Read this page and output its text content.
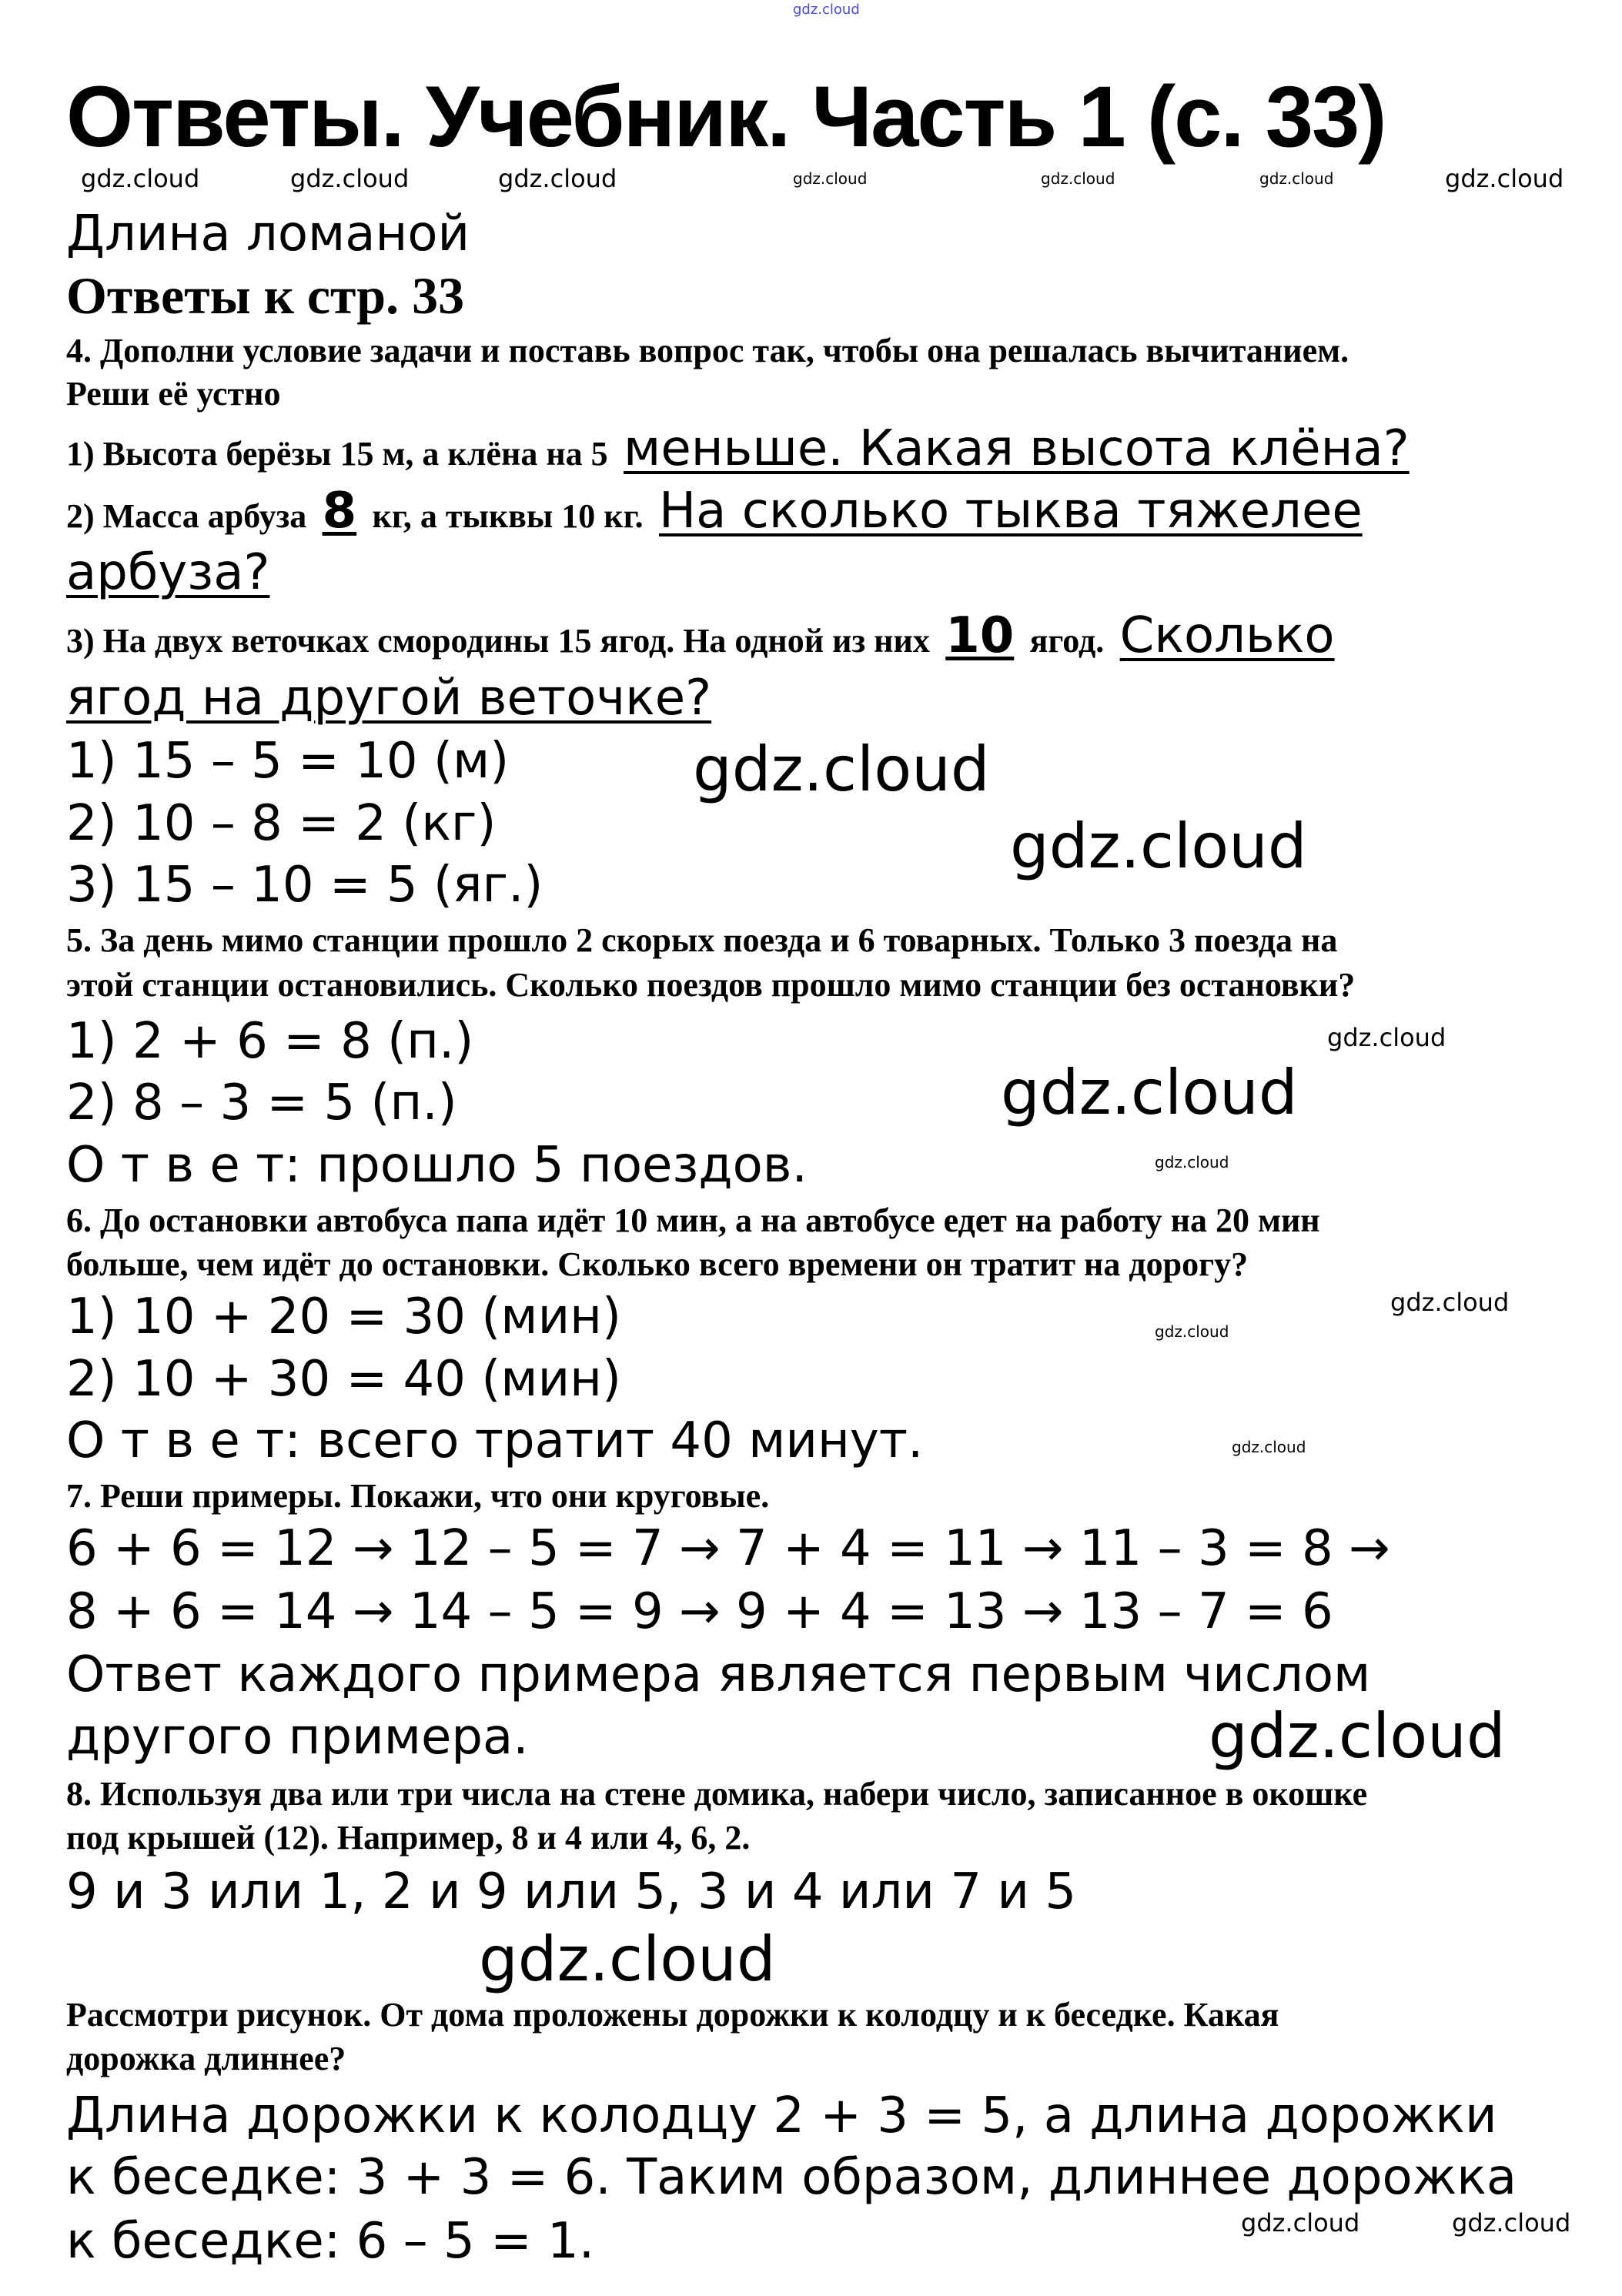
gdz.cloud
Ответы. Учебник. Часть 1 (с. 33)
Длина ломаной
Ответы к стр. 33
4. Дополни условие задачи и поставь вопрос так, чтобы она решалась вычитанием.
Реши её устно
1) Высота берёзы 15 м, а клёна на 5 меньше. Какая высота клёна?
2) Масса арбуза 8 кг, а тыквы 10 кг. На сколько тыква тяжелее
арбуза?
3) На двух веточках смородины 15 ягод. На одной из них 10 ягод. Сколько
ягод на другой веточке?
1) 15 – 5 = 10 (м)
2) 10 – 8 = 2 (кг)
3) 15 – 10 = 5 (яг.)
5. За день мимо станции прошло 2 скорых поезда и 6 товарных. Только 3 поезда на
этой станции остановились. Сколько поездов прошло мимо станции без остановки?
1) 2 + 6 = 8 (п.)
2) 8 – 3 = 5 (п.)
О т в е т: прошло 5 поездов.
6. До остановки автобуса папа идёт 10 мин, а на автобусе едет на работу на 20 мин
больше, чем идёт до остановки. Сколько всего времени он тратит на дорогу?
1) 10 + 20 = 30 (мин)
2) 10 + 30 = 40 (мин)
О т в е т: всего тратит 40 минут.
7. Реши примеры. Покажи, что они круговые.
6 + 6 = 12 → 12 – 5 = 7 → 7 + 4 = 11 → 11 – 3 = 8 →
8 + 6 = 14 → 14 – 5 = 9 → 9 + 4 = 13 → 13 – 7 = 6
Ответ каждого примера является первым числом
другого примера.
8. Используя два или три числа на стене домика, набери число, записанное в окошке
под крышей (12). Например, 8 и 4 или 4, 6, 2.
9 и 3 или 1, 2 и 9 или 5, 3 и 4 или 7 и 5
Рассмотри рисунок. От дома проложены дорожки к колодцу и к беседке. Какая
дорожка длиннее?
Длина дорожки к колодцу 2 + 3 = 5, а длина дорожки
к беседке: 3 + 3 = 6. Таким образом, длиннее дорожка
к беседке: 6 – 5 = 1.
gdz.cloud
gdz.cloud
gdz.cloud
gdz.cloud
gdz.cloud
gdz.cloud
gdz.cloud
gdz.cloud	gdz.cloud	gdz.cloud	gdz.cloud
gdz.cloud	gdz.cloud
gdz.cloud	gdz.cloud	gdz.cloud
gdz.cloud
gdz.cloud
gdz.cloud
